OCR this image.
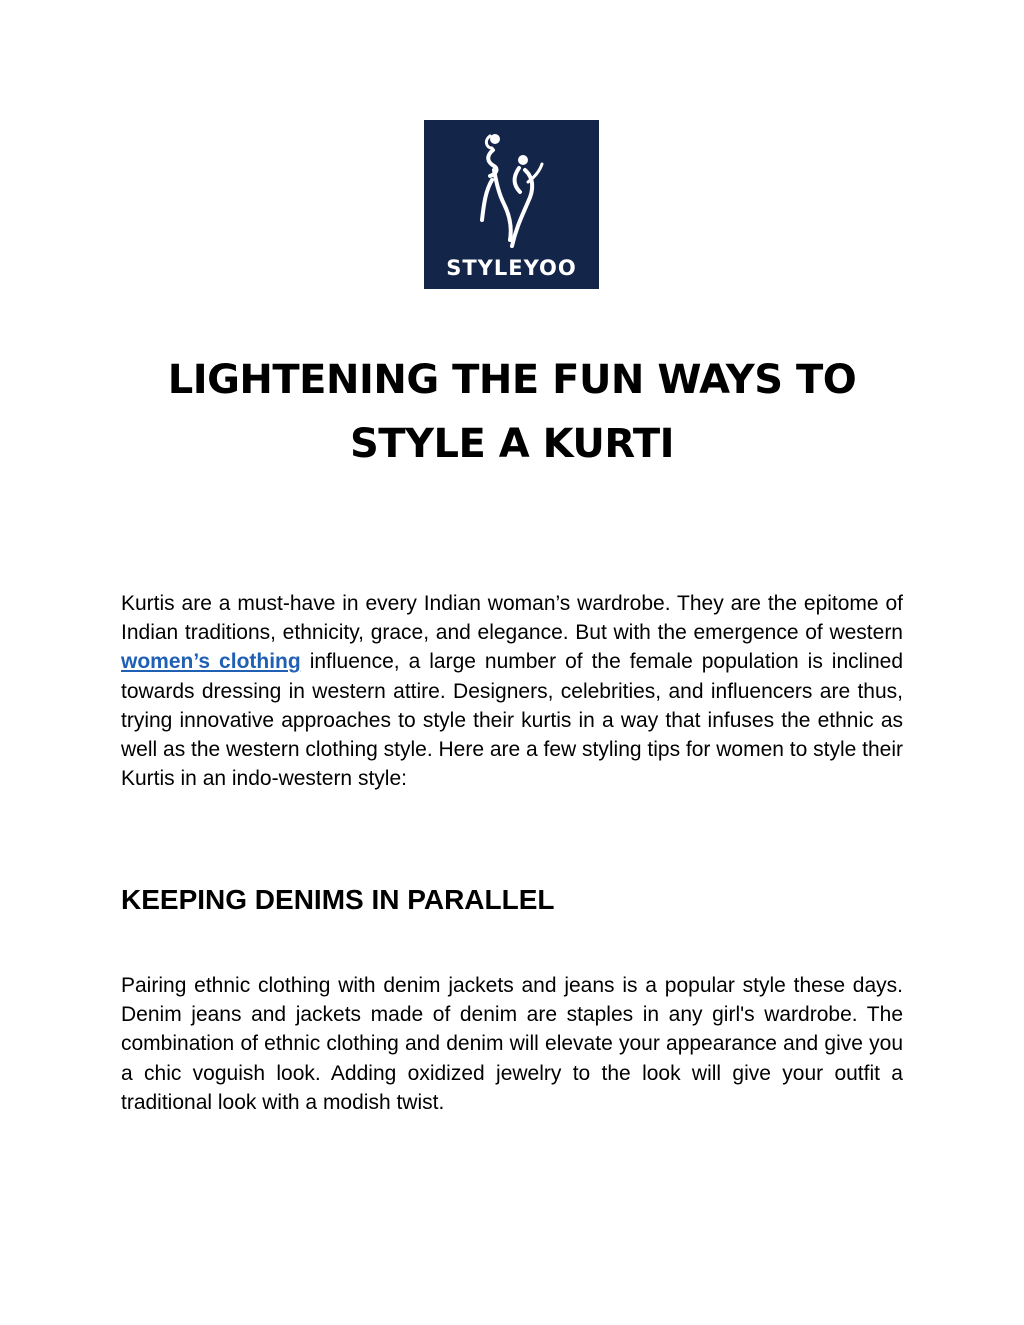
STYLEYOO
LIGHTENING THE FUN WAYS TO STYLE A KURTI

Kurtis are a must-have in every Indian woman’s wardrobe. They are the epitome of Indian traditions, ethnicity, grace, and elegance. But with the emergence of western women’s clothing influence, a large number of the female population is inclined towards dressing in western attire. Designers, celebrities, and influencers are thus, trying innovative approaches to style their kurtis in a way that infuses the ethnic as well as the western clothing style. Here are a few styling tips for women to style their Kurtis in an indo-western style:

KEEPING DENIMS IN PARALLEL

Pairing ethnic clothing with denim jackets and jeans is a popular style these days. Denim jeans and jackets made of denim are staples in any girl's wardrobe. The combination of ethnic clothing and denim will elevate your appearance and give you a chic voguish look. Adding oxidized jewelry to the look will give your outfit a traditional look with a modish twist.
